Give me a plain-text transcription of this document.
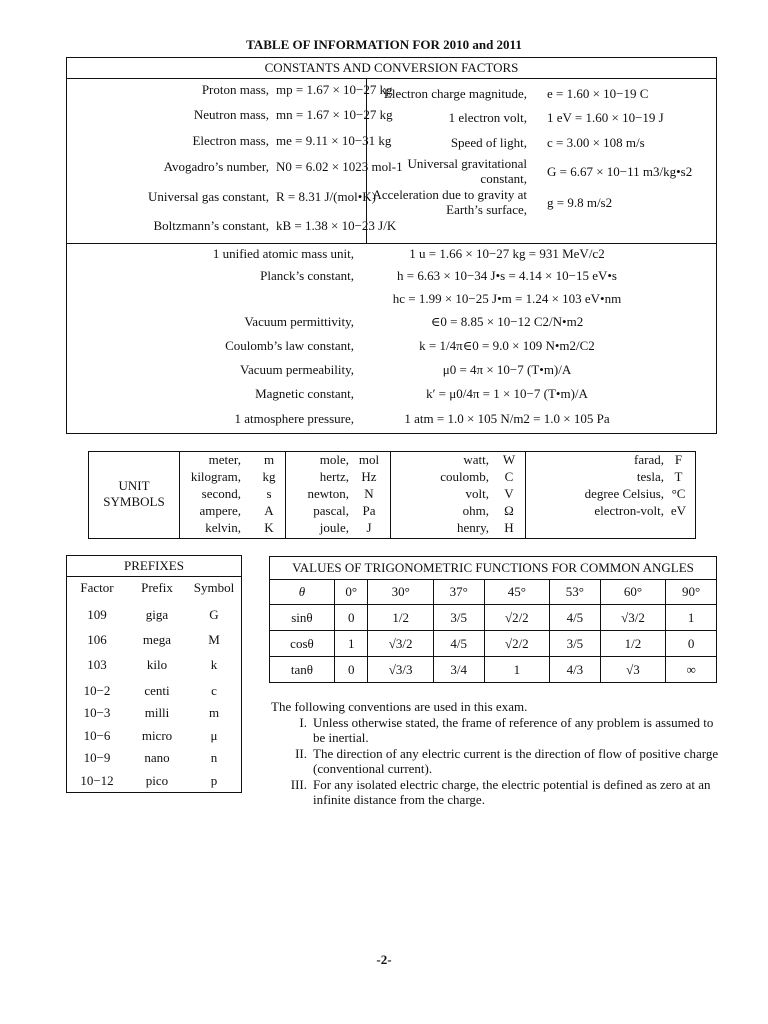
TABLE OF INFORMATION FOR 2010 and 2011
CONSTANTS AND CONVERSION FACTORS
Proton mass, mp = 1.67 × 10−27 kg
Neutron mass, mn = 1.67 × 10−27 kg
Electron mass, me = 9.11 × 10−31 kg
Avogadro’s number, N0 = 6.02 × 1023 mol-1
Universal gas constant, R = 8.31 J/(mol•K)
Boltzmann’s constant, kB = 1.38 × 10−23 J/K
Electron charge magnitude, e = 1.60 × 10−19 C
1 electron volt, 1 eV = 1.60 × 10−19 J
Speed of light, c = 3.00 × 108 m/s
Universal gravitational constant, G = 6.67 × 10−11 m3/kg•s2
Acceleration due to gravity at Earth’s surface, g = 9.8 m/s2
1 unified atomic mass unit,	1 u = 1.66 × 10−27 kg = 931 MeV/c2
Planck’s constant,	h = 6.63 × 10−34 J•s = 4.14 × 10−15 eV•s
hc = 1.99 × 10−25 J•m = 1.24 × 103 eV•nm
Vacuum permittivity,	∈0 = 8.85 × 10−12 C2/N•m2
Coulomb’s law constant,	k = 1/4π∈0 = 9.0 × 109 N•m2/C2
Vacuum permeability,	μ0 = 4π × 10−7 (T•m)/A
Magnetic constant,	k′ = μ0/4π = 1 × 10−7 (T•m)/A
1 atmosphere pressure,	1 atm = 1.0 × 105 N/m2 = 1.0 × 105 Pa
UNIT SYMBOLS
meter,	m
kilogram,	kg
second,	s
ampere,	A
kelvin,	K
mole, mol
hertz, Hz
newton,	N
pascal,	Pa
joule,	J
watt,	W
coulomb,	C
volt,	V
ohm,	Ω
henry,	H
farad, F
tesla, T
degree Celsius, °C
electron-volt, eV
PREFIXES
Factor	Prefix	Symbol
109	giga	G
106	mega	M
103	kilo	k
10−2	centi	c
10−3	milli	m
10−6	micro	μ
10−9	nano	n
10−12	pico	p
VALUES OF TRIGONOMETRIC FUNCTIONS FOR COMMON ANGLES							
θ	0°	30°	37°	45°	53°	60°	90°
sinθ	0	1/2	3/5	√2/2	4/5	√3/2	1
cosθ	1	√3/2	4/5	√2/2	3/5	1/2	0
tanθ	0	√3/3	3/4	1	4/3	√3	∞
The following conventions are used in this exam.
I. Unless otherwise stated, the frame of reference of any problem is assumed to be inertial.
II. The direction of any electric current is the direction of flow of positive charge (conventional current).
III. For any isolated electric charge, the electric potential is defined as zero at an infinite distance from the charge.
-2-
